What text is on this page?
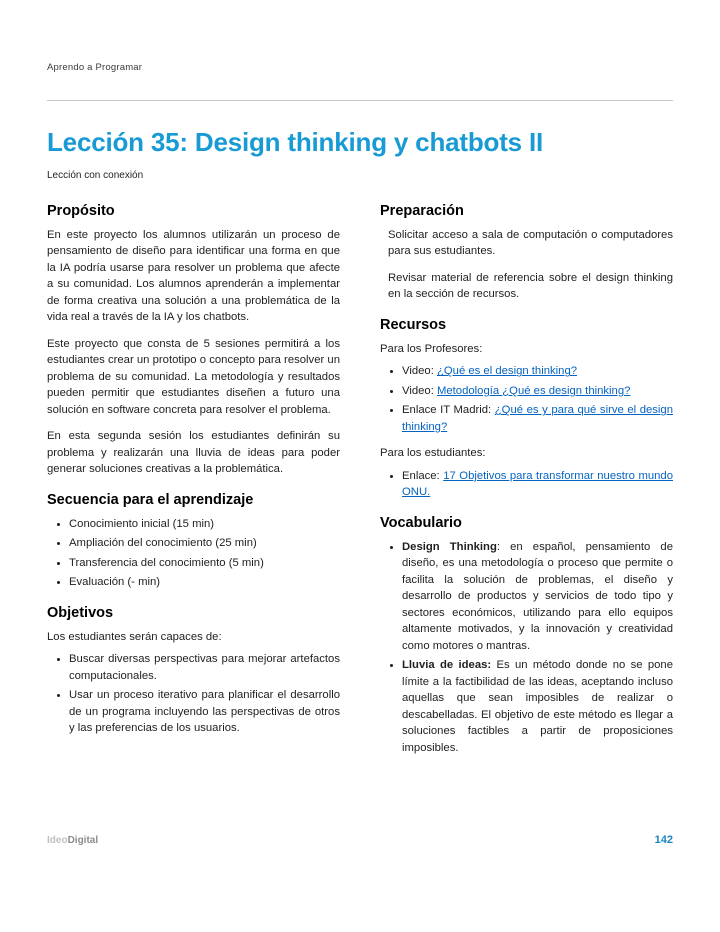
Aprendo a Programar
Lección 35: Design thinking y chatbots II
Lección con conexión
Propósito

En este proyecto los alumnos utilizarán un proceso de pensamiento de diseño para identificar una forma en que la IA podría usarse para resolver un problema que afecte a su comunidad. Los alumnos aprenderán a implementar de forma creativa una solución a una problemática de la vida real a través de la IA y los chatbots.

Este proyecto que consta de 5 sesiones permitirá a los estudiantes crear un prototipo o concepto para resolver un problema de su comunidad. La metodología y resultados pueden permitir que estudiantes diseñen a futuro una solución en software concreta para resolver el problema.

En esta segunda sesión los estudiantes definirán su problema y realizarán una lluvia de ideas para poder generar soluciones creativas a la problemática.

Secuencia para el aprendizaje
• Conocimiento inicial (15 min)
• Ampliación del conocimiento (25 min)
• Transferencia del conocimiento (5 min)
• Evaluación (- min)
Objetivos

Los estudiantes serán capaces de:

• Buscar diversas perspectivas para mejorar artefactos computacionales.
• Usar un proceso iterativo para planificar el desarrollo de un programa incluyendo las perspectivas de otros y las preferencias de los usuarios.
Preparación

Solicitar acceso a sala de computación o computadores para sus estudiantes.

Revisar material de referencia sobre el design thinking en la sección de recursos.

Recursos

Para los Profesores:

• Video: ¿Qué es el design thinking?
• Video: Metodología ¿Qué es design thinking?
• Enlace IT Madrid: ¿Qué es y para qué sirve el design thinking?

Para los estudiantes:

• Enlace: 17 Objetivos para transformar nuestro mundo ONU.
Vocabulario
• Design Thinking: en español, pensamiento de diseño, es una metodología o proceso que permite o facilita la solución de problemas, el diseño y desarrollo de productos y servicios de todo tipo y sectores económicos, utilizando para ello equipos altamente motivados, y la innovación y creatividad como motores o mantras.
• Lluvia de ideas: Es un método donde no se pone límite a la factibilidad de las ideas, aceptando incluso aquellas que sean imposibles de realizar o descabelladas. El objetivo de este método es llegar a soluciones factibles a partir de proposiciones imposibles.
IdeoDigital	142
